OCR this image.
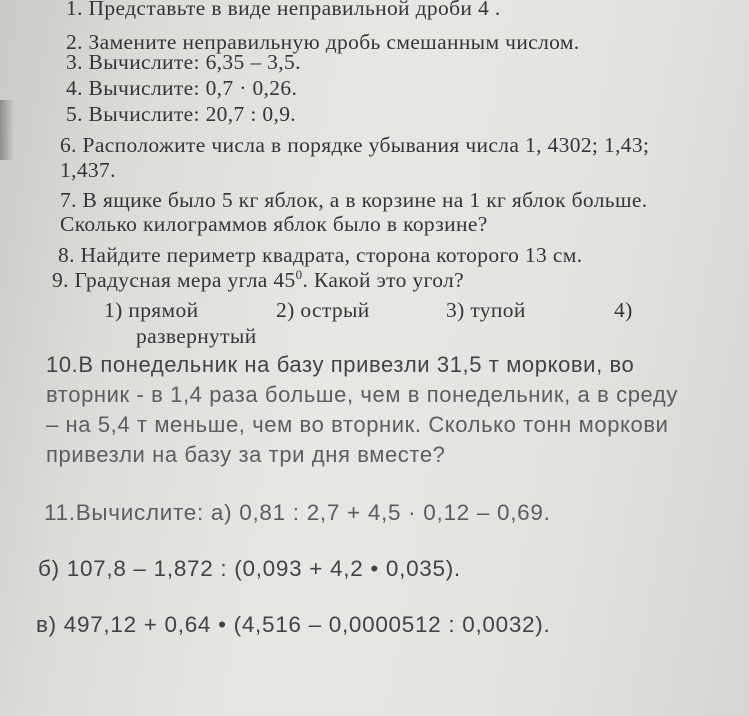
1. Представьте в виде неправильной дроби 4 .
2. Замените неправильную дробь смешанным числом.
3. Вычислите: 6,35 – 3,5.
4. Вычислите: 0,7 · 0,26.
5. Вычислите: 20,7 : 0,9.
6. Расположите числа в порядке убывания числа 1, 4302; 1,43;
1,437.
7. В ящике было 5 кг яблок, а в корзине на 1 кг яблок больше.
Сколько килограммов яблок было в корзине?
8. Найдите периметр квадрата, сторона которого 13 см.
9. Градусная мера угла $45^0$. Какой это угол?
1) прямой	2) острый	3) тупой	4)
развернутый
10.В понедельник на базу привезли 31,5 т моркови, во
вторник - в 1,4 раза больше, чем в понедельник, а в среду
– на 5,4 т меньше, чем во вторник. Сколько тонн моркови
привезли на базу за три дня вместе?
11.Вычислите: а) 0,81 : 2,7 + 4,5 · 0,12 – 0,69.
б) 107,8 – 1,872 : (0,093 + 4,2 • 0,035).
в) 497,12 + 0,64 • (4,516 – 0,0000512 : 0,0032).
